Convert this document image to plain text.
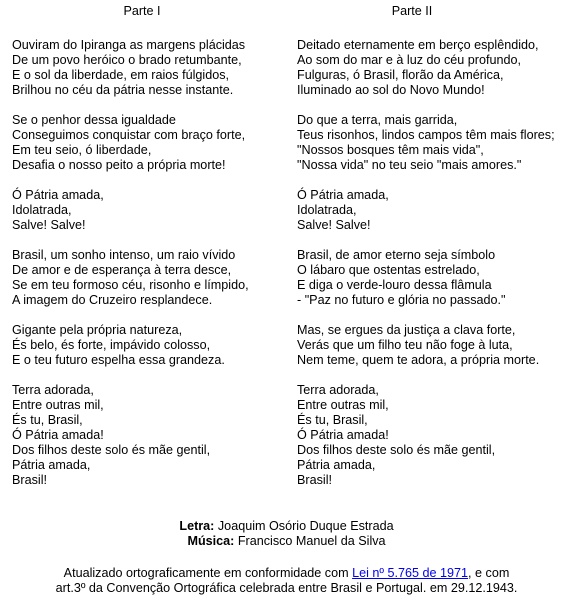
Parte I
Ouviram do Ipiranga as margens plácidas
De um povo heróico o brado retumbante,
E o sol da liberdade, em raios fúlgidos,
Brilhou no céu da pátria nesse instante.
Se o penhor dessa igualdade
Conseguimos conquistar com braço forte,
Em teu seio, ó liberdade,
Desafia o nosso peito a própria morte!
Ó Pátria amada,
Idolatrada,
Salve! Salve!
Brasil, um sonho intenso, um raio vívido
De amor e de esperança à terra desce,
Se em teu formoso céu, risonho e límpido,
A imagem do Cruzeiro resplandece.
Gigante pela própria natureza,
És belo, és forte, impávido colosso,
E o teu futuro espelha essa grandeza.
Terra adorada,
Entre outras mil,
És tu, Brasil,
Ó Pátria amada!
Dos filhos deste solo és mãe gentil,
Pátria amada,
Brasil!
Parte II
Deitado eternamente em berço esplêndido,
Ao som do mar e à luz do céu profundo,
Fulguras, ó Brasil, florão da América,
Iluminado ao sol do Novo Mundo!
Do que a terra, mais garrida,
Teus risonhos, lindos campos têm mais flores;
"Nossos bosques têm mais vida",
"Nossa vida" no teu seio "mais amores."
Ó Pátria amada,
Idolatrada,
Salve! Salve!
Brasil, de amor eterno seja símbolo
O lábaro que ostentas estrelado,
E diga o verde-louro dessa flâmula
- "Paz no futuro e glória no passado."
Mas, se ergues da justiça a clava forte,
Verás que um filho teu não foge à luta,
Nem teme, quem te adora, a própria morte.
Terra adorada,
Entre outras mil,
És tu, Brasil,
Ó Pátria amada!
Dos filhos deste solo és mãe gentil,
Pátria amada,
Brasil!
Letra: Joaquim Osório Duque Estrada
Música: Francisco Manuel da Silva
Atualizado ortograficamente em conformidade com Lei nº 5.765 de 1971, e com
art.3º da Convenção Ortográfica celebrada entre Brasil e Portugal. em 29.12.1943.
